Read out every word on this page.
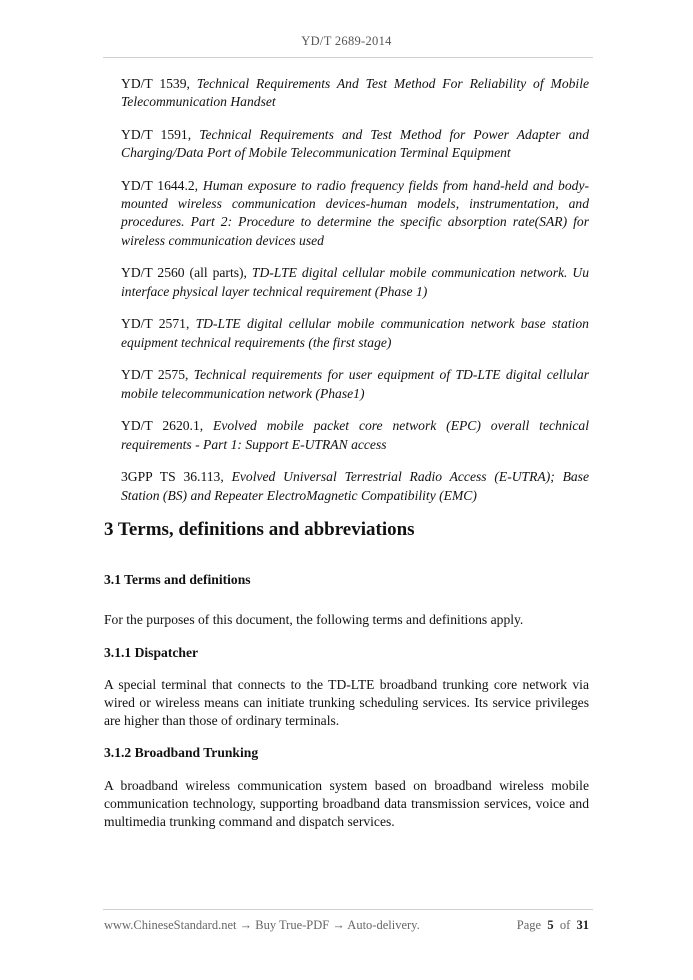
YD/T 2689-2014

YD/T 1539, Technical Requirements And Test Method For Reliability of Mobile Telecommunication Handset

YD/T 1591, Technical Requirements and Test Method for Power Adapter and Charging/Data Port of Mobile Telecommunication Terminal Equipment

YD/T 1644.2, Human exposure to radio frequency fields from hand-held and body-mounted wireless communication devices-human models, instrumentation, and procedures. Part 2: Procedure to determine the specific absorption rate(SAR) for wireless communication devices used

YD/T 2560 (all parts), TD-LTE digital cellular mobile communication network. Uu interface physical layer technical requirement (Phase 1)

YD/T 2571, TD-LTE digital cellular mobile communication network base station equipment technical requirements (the first stage)

YD/T 2575, Technical requirements for user equipment of TD-LTE digital cellular mobile telecommunication network (Phase1)

YD/T 2620.1, Evolved mobile packet core network (EPC) overall technical requirements - Part 1: Support E-UTRAN access

3GPP TS 36.113, Evolved Universal Terrestrial Radio Access (E-UTRA); Base Station (BS) and Repeater ElectroMagnetic Compatibility (EMC)

3 Terms, definitions and abbreviations
3.1 Terms and definitions

For the purposes of this document, the following terms and definitions apply.

3.1.1 Dispatcher

A special terminal that connects to the TD-LTE broadband trunking core network via wired or wireless means can initiate trunking scheduling services. Its service privileges are higher than those of ordinary terminals.

3.1.2 Broadband Trunking

A broadband wireless communication system based on broadband wireless mobile communication technology, supporting broadband data transmission services, voice and multimedia trunking command and dispatch services.

www.ChineseStandard.net → Buy True-PDF → Auto-delivery.	Page 5 of 31
